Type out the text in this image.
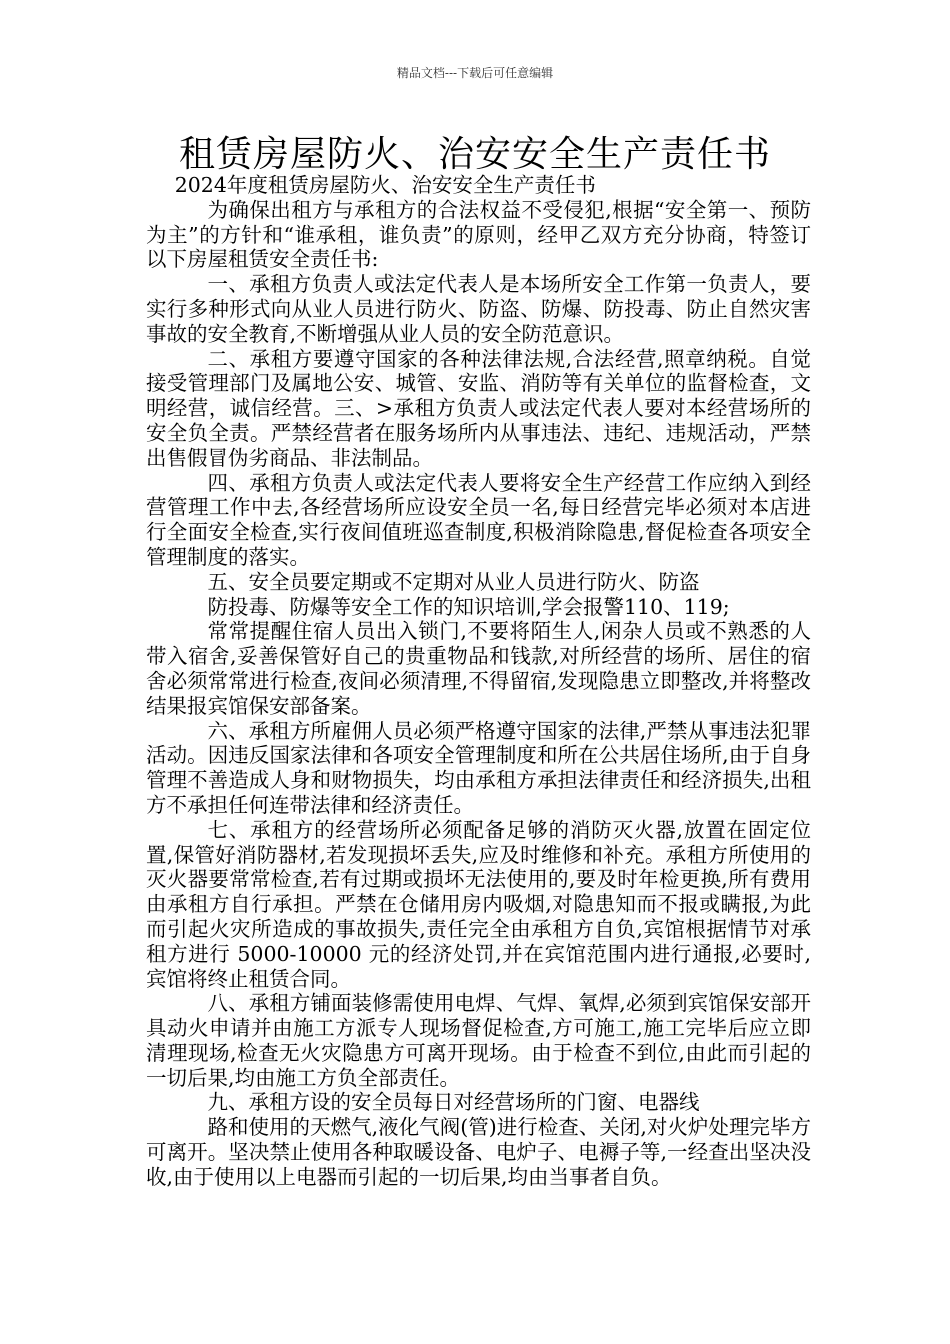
精品文档---下载后可任意编辑
租赁房屋防火、治安安全生产责任书

2024年度租赁房屋防火、治安安全生产责任书

为确保出租方与承租方的合法权益不受侵犯,根据“安全第一、预防为主”的方针和“谁承租，谁负责”的原则，经甲乙双方充分协商，特签订以下房屋租赁安全责任书:

一、承租方负责人或法定代表人是本场所安全工作第一负责人，要实行多种形式向从业人员进行防火、防盗、防爆、防投毒、防止自然灾害事故的安全教育,不断增强从业人员的安全防范意识。

二、承租方要遵守国家的各种法律法规,合法经营,照章纳税。自觉接受管理部门及属地公安、城管、安监、消防等有关单位的监督检查，文明经营，诚信经营。三、>承租方负责人或法定代表人要对本经营场所的安全负全责。严禁经营者在服务场所内从事违法、违纪、违规活动，严禁出售假冒伪劣商品、非法制品。

四、承租方负责人或法定代表人要将安全生产经营工作应纳入到经营管理工作中去,各经营场所应设安全员一名,每日经营完毕必须对本店进行全面安全检查,实行夜间值班巡查制度,积极消除隐患,督促检查各项安全管理制度的落实。

五、安全员要定期或不定期对从业人员进行防火、防盗

防投毒、防爆等安全工作的知识培训,学会报警110、119;

常常提醒住宿人员出入锁门,不要将陌生人,闲杂人员或不熟悉的人带入宿舍,妥善保管好自己的贵重物品和钱款,对所经营的场所、居住的宿舍必须常常进行检查,夜间必须清理,不得留宿,发现隐患立即整改,并将整改结果报宾馆保安部备案。

六、承租方所雇佣人员必须严格遵守国家的法律,严禁从事违法犯罪活动。因违反国家法律和各项安全管理制度和所在公共居住场所,由于自身管理不善造成人身和财物损失，均由承租方承担法律责任和经济损失,出租方不承担任何连带法律和经济责任。

七、承租方的经营场所必须配备足够的消防灭火器,放置在固定位置,保管好消防器材,若发现损坏丢失,应及时维修和补充。承租方所使用的灭火器要常常检查,若有过期或损坏无法使用的,要及时年检更换,所有费用由承租方自行承担。严禁在仓储用房内吸烟,对隐患知而不报或瞒报,为此而引起火灾所造成的事故损失,责任完全由承租方自负,宾馆根据情节对承租方进行 5000-10000 元的经济处罚,并在宾馆范围内进行通报,必要时,宾馆将终止租赁合同。

八、承租方铺面装修需使用电焊、气焊、氧焊,必须到宾馆保安部开具动火申请并由施工方派专人现场督促检查,方可施工,施工完毕后应立即清理现场,检查无火灾隐患方可离开现场。由于检查不到位,由此而引起的一切后果,均由施工方负全部责任。

九、承租方设的安全员每日对经营场所的门窗、电器线

路和使用的天燃气,液化气阀(管)进行检查、关闭,对火炉处理完毕方可离开。坚决禁止使用各种取暖设备、电炉子、电褥子等,一经查出坚决没收,由于使用以上电器而引起的一切后果,均由当事者自负。
